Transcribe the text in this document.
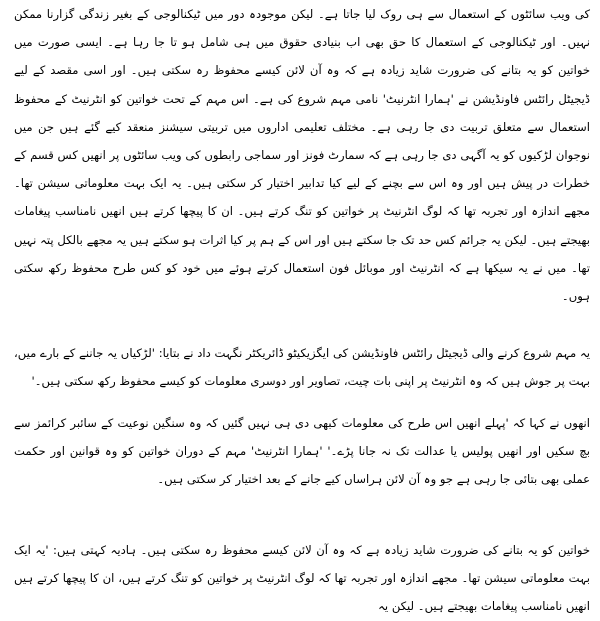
کی ویب سائٹوں کے استعمال سے ہی روک لیا جاتا ہے۔ لیکن موجودہ دور میں ٹیکنالوجی کے بغیر زندگی گزارنا ممکن نہیں۔ اور ٹیکنالوجی کے استعمال کا حق بھی اب بنیادی حقوق میں ہی شامل ہو تا جا رہا ہے۔ ایسی صورت میں خواتین کو یہ بتانے کی ضرورت شاید زیادہ ہے کہ وہ آن لائن کیسے محفوظ رہ سکتی ہیں۔ اور اسی مقصد کے لیے ڈیجیٹل رائٹس فاونڈیشن نے 'ہمارا انٹرنیٹ' نامی مہم شروع کی ہے۔ اس مہم کے تحت خواتین کو انٹرنیٹ کے محفوظ استعمال سے متعلق تربیت دی جا رہی ہے۔ مختلف تعلیمی اداروں میں تربیتی سیشنز منعقد کیے گئے ہیں جن میں نوجوان لڑکیوں کو یہ آگہی دی جا رہی ہے کہ سمارٹ فونز اور سماجی رابطوں کی ویب سائٹوں پر انھیں کس قسم کے خطرات در پیش ہیں اور وہ اس سے بچنے کے لیے کیا تدابیر اختیار کر سکتی ہیں۔ یہ ایک بہت معلوماتی سیشن تھا۔ مجھے اندازہ اور تجربہ تھا کہ لوگ انٹرنیٹ پر خواتین کو تنگ کرتے ہیں۔ ان کا پیچھا کرتے ہیں انھیں نامناسب پیغامات بھیجتے ہیں۔ لیکن یہ جرائم کس حد تک جا سکتے ہیں اور اس کے ہم پر کیا اثرات ہو سکتے ہیں یہ مجھے بالکل پتہ نہیں تھا۔ میں نے یہ سیکھا ہے کہ انٹرنیٹ اور موبائل فون استعمال کرتے ہوئے میں خود کو کس طرح محفوظ رکھ سکتی ہوں۔

یہ مہم شروع کرنے والی ڈیجیٹل رائٹس فاونڈیشن کی ایگزیکیٹو ڈائریکٹر نگہت داد نے بتایا: 'لڑکیاں یہ جاننے کے بارے میں، بہت پر جوش ہیں کہ وہ انٹرنیٹ پر اپنی بات چیت، تصاویر اور دوسری معلومات کو کیسے محفوظ رکھ سکتی ہیں۔'

انھوں نے کہا کہ 'پہلے انھیں اس طرح کی معلومات کبھی دی ہی نہیں گئیں کہ وہ سنگین نوعیت کے سائبر کرائمز سے بچ سکیں اور انھیں پولیس یا عدالت تک نہ جانا پڑے۔' 'ہمارا انٹرنیٹ' مہم کے دوران خواتین کو وہ قوانین اور حکمت عملی بھی بتائی جا رہی ہے جو وہ آن لائن ہراساں کیے جانے کے بعد اختیار کر سکتی ہیں۔

خواتین کو یہ بتانے کی ضرورت شاید زیادہ ہے کہ وہ آن لائن کیسے محفوظ رہ سکتی ہیں۔ ہادیہ کہتی ہیں: 'یہ ایک بہت معلوماتی سیشن تھا۔ مجھے اندازہ اور تجربہ تھا کہ لوگ انٹرنیٹ پر خواتین کو تنگ کرتے ہیں، ان کا پیچھا کرتے ہیں انھیں نامناسب پیغامات بھیجتے ہیں۔ لیکن یہ
